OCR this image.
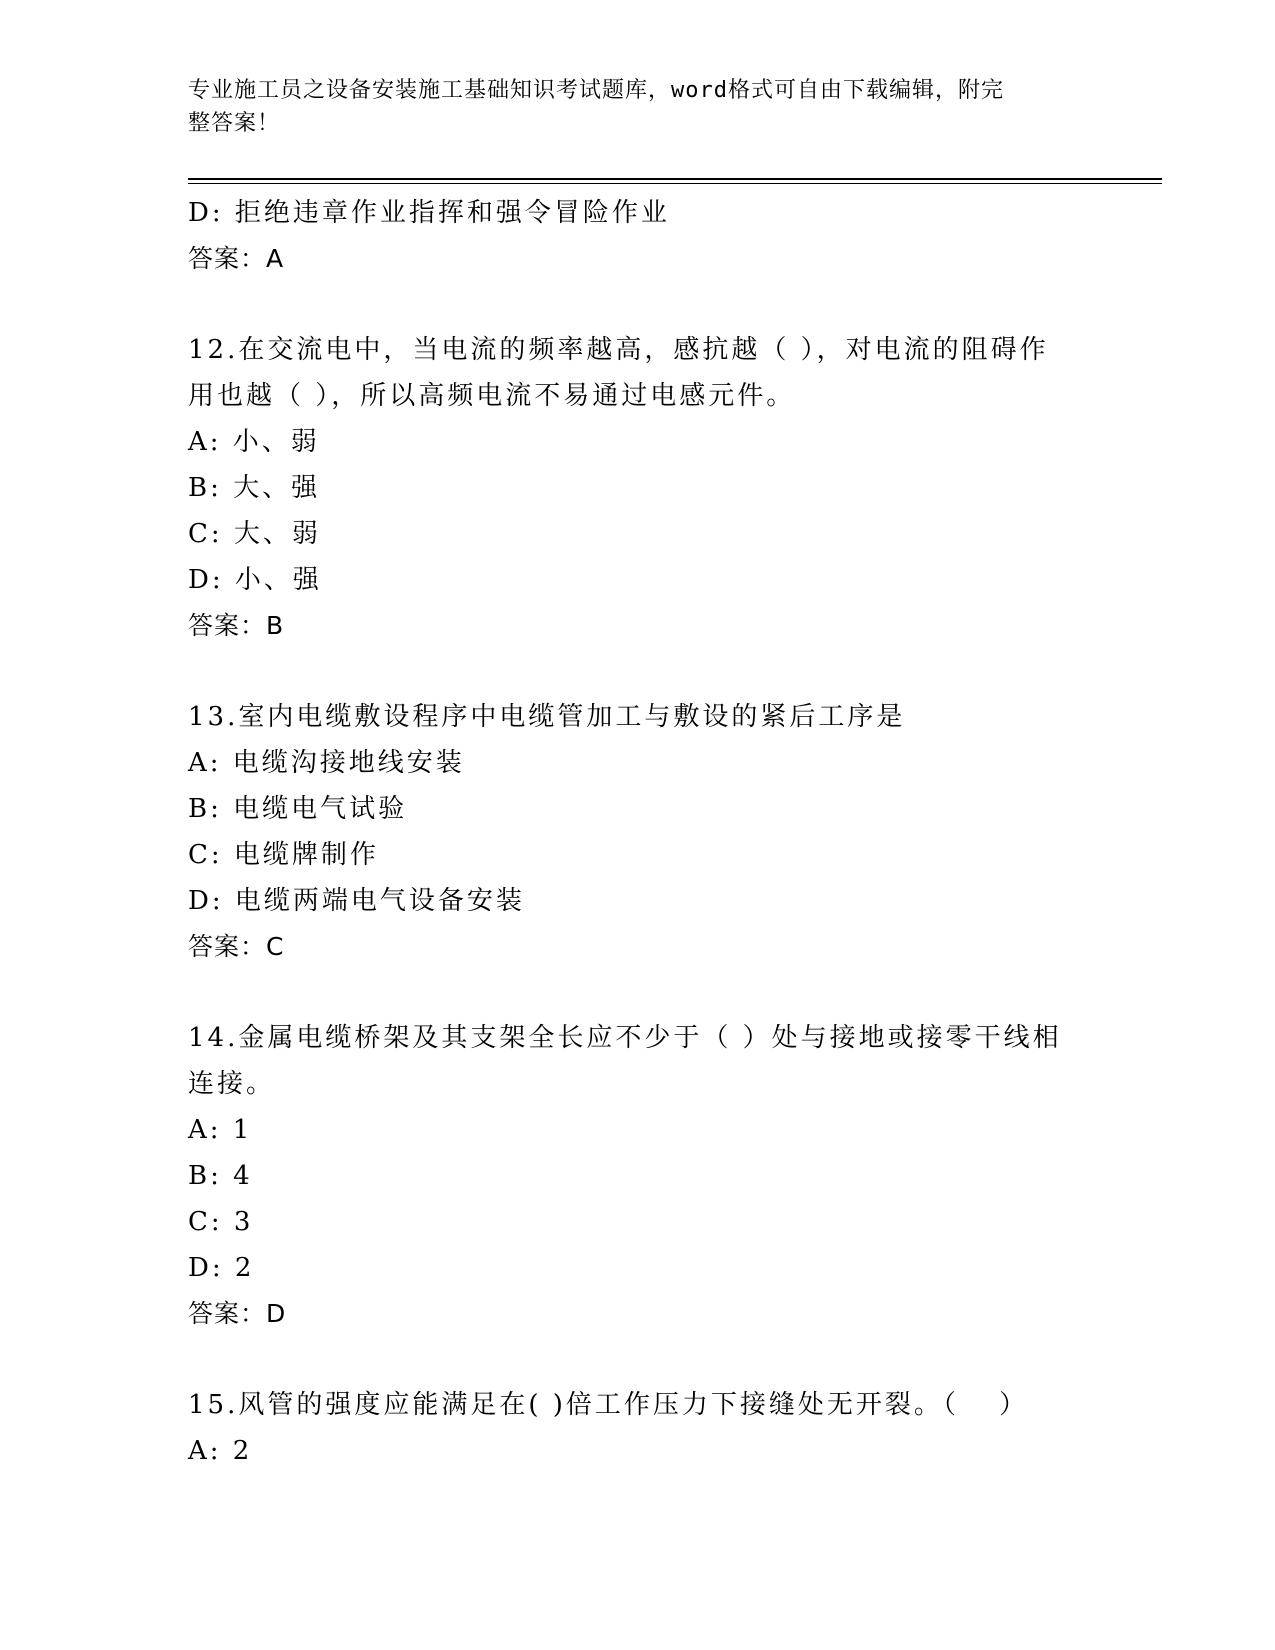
专业施工员之设备安装施工基础知识考试题库，word格式可自由下载编辑，附完
整答案！
D: 拒绝违章作业指挥和强令冒险作业
答案：A
12.在交流电中，当电流的频率越高，感抗越（ ），对电流的阻碍作
用也越（ ），所以高频电流不易通过电感元件。
A: 小、弱
B: 大、强
C: 大、弱
D: 小、强
答案：B
13.室内电缆敷设程序中电缆管加工与敷设的紧后工序是
A: 电缆沟接地线安装
B: 电缆电气试验
C: 电缆牌制作
D: 电缆两端电气设备安装
答案：C
14.金属电缆桥架及其支架全长应不少于（ ）处与接地或接零干线相
连接。
A: 1
B: 4
C: 3
D: 2
答案：D
15.风管的强度应能满足在( )倍工作压力下接缝处无开裂。（　 ）
A: 2
